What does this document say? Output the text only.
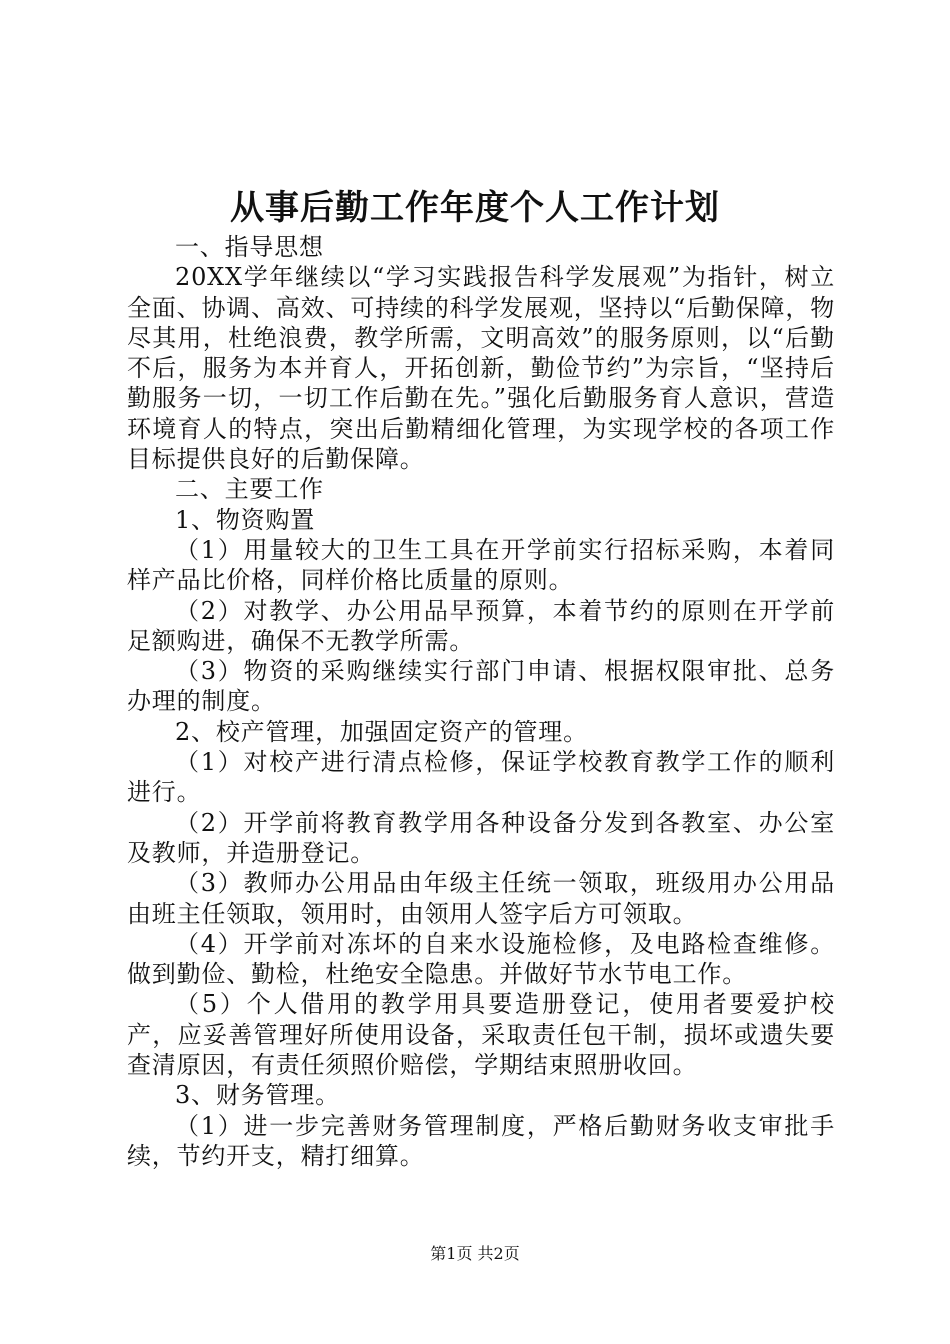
从事后勤工作年度个人工作计划

一、指导思想

20XX学年继续以“学习实践报告科学发展观”为指针，树立全面、协调、高效、可持续的科学发展观，坚持以“后勤保障，物尽其用，杜绝浪费，教学所需，文明高效”的服务原则，以“后勤不后，服务为本并育人，开拓创新，勤俭节约”为宗旨，“坚持后勤服务一切，一切工作后勤在先。”强化后勤服务育人意识，营造环境育人的特点，突出后勤精细化管理，为实现学校的各项工作目标提供良好的后勤保障。

二、主要工作

1、物资购置

（1）用量较大的卫生工具在开学前实行招标采购，本着同样产品比价格，同样价格比质量的原则。

（2）对教学、办公用品早预算，本着节约的原则在开学前足额购进，确保不无教学所需。

（3）物资的采购继续实行部门申请、根据权限审批、总务办理的制度。

2、校产管理，加强固定资产的管理。

（1）对校产进行清点检修，保证学校教育教学工作的顺利进行。

（2）开学前将教育教学用各种设备分发到各教室、办公室及教师，并造册登记。

（3）教师办公用品由年级主任统一领取，班级用办公用品由班主任领取，领用时，由领用人签字后方可领取。

（4）开学前对冻坏的自来水设施检修，及电路检查维修。做到勤俭、勤检，杜绝安全隐患。并做好节水节电工作。

（5）个人借用的教学用具要造册登记，使用者要爱护校产，应妥善管理好所使用设备，采取责任包干制，损坏或遗失要查清原因，有责任须照价赔偿，学期结束照册收回。

3、财务管理。

（1）进一步完善财务管理制度，严格后勤财务收支审批手续，节约开支，精打细算。

第1页 共2页
